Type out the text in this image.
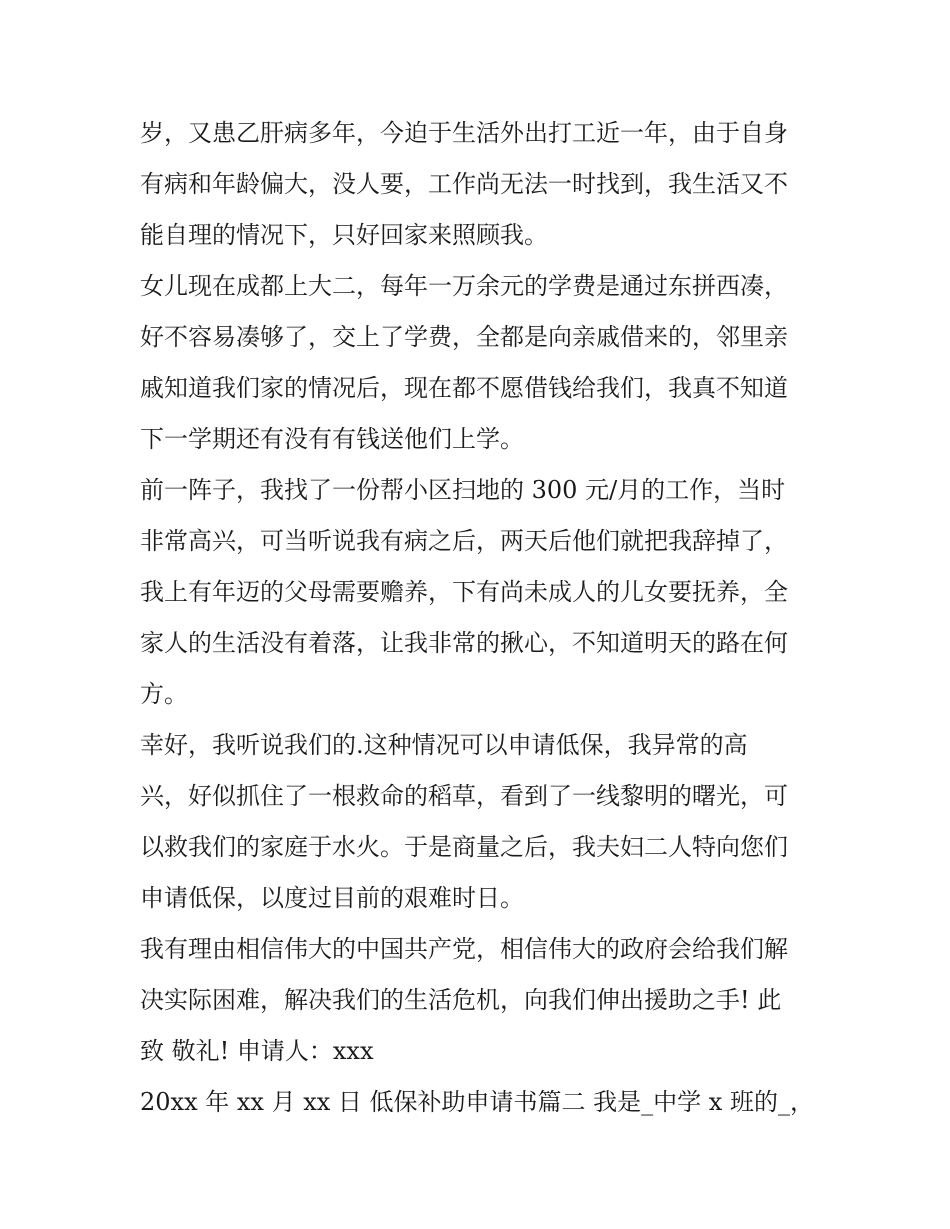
岁，又患乙肝病多年，今迫于生活外出打工近一年，由于自身
有病和年龄偏大，没人要，工作尚无法一时找到，我生活又不
能自理的情况下，只好回家来照顾我。
女儿现在成都上大二，每年一万余元的学费是通过东拼西凑，
好不容易凑够了，交上了学费，全都是向亲戚借来的，邻里亲
戚知道我们家的情况后，现在都不愿借钱给我们，我真不知道
下一学期还有没有有钱送他们上学。
前一阵子，我找了一份帮小区扫地的 300 元/月的工作，当时
非常高兴，可当听说我有病之后，两天后他们就把我辞掉了，
我上有年迈的父母需要赡养，下有尚未成人的儿女要抚养，全
家人的生活没有着落，让我非常的揪心，不知道明天的路在何
方。
幸好，我听说我们的.这种情况可以申请低保，我异常的高
兴，好似抓住了一根救命的稻草，看到了一线黎明的曙光，可
以救我们的家庭于水火。于是商量之后，我夫妇二人特向您们
申请低保，以度过目前的艰难时日。
我有理由相信伟大的中国共产党，相信伟大的政府会给我们解
决实际困难，解决我们的生活危机，向我们伸出援助之手! 此
致 敬礼! 申请人：xxx
20xx 年 xx 月 xx 日 低保补助申请书篇二 我是_中学 x 班的_，
